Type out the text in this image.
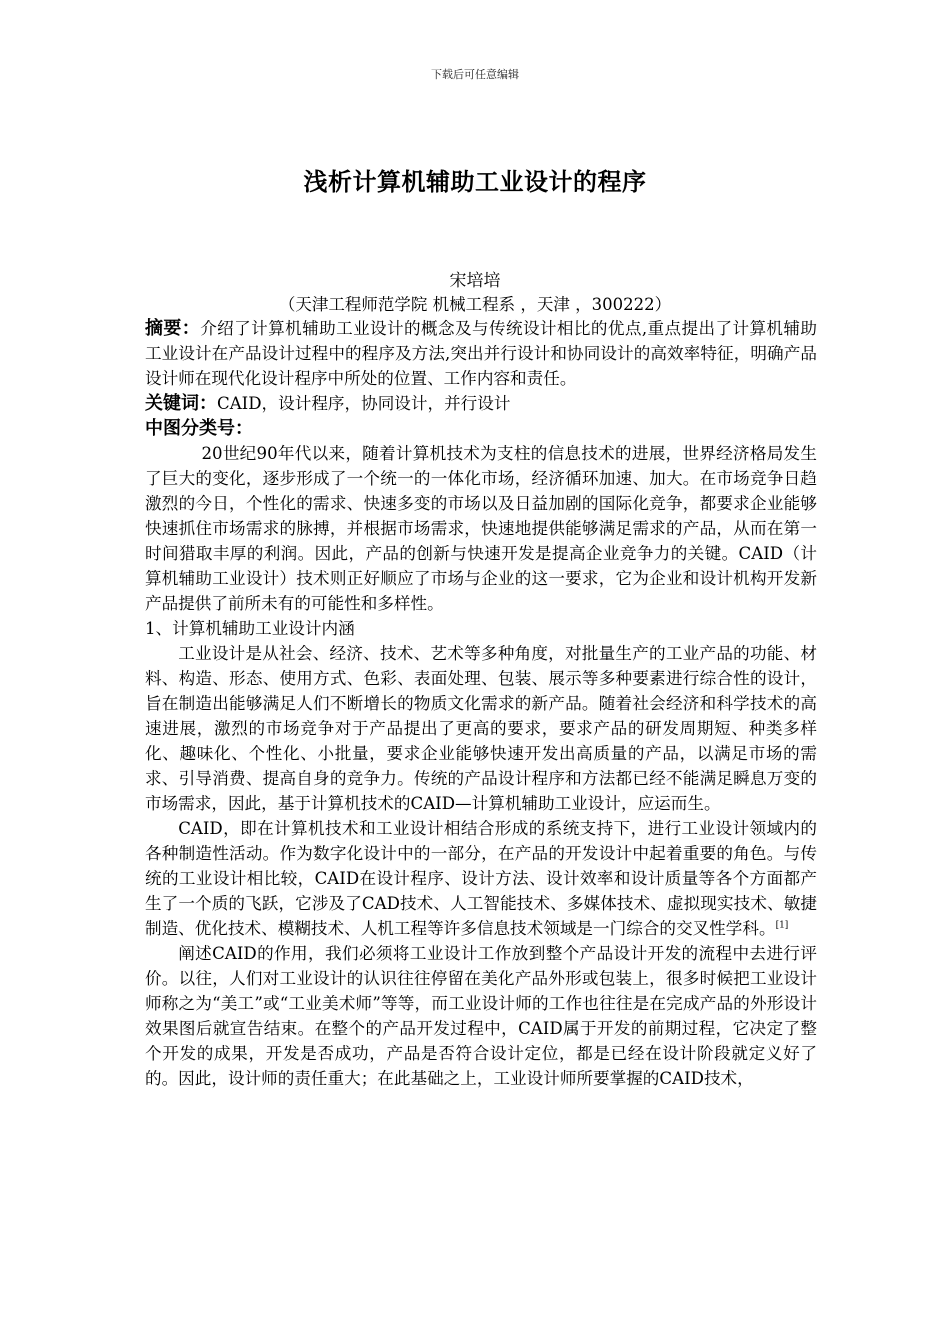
下载后可任意编辑
浅析计算机辅助工业设计的程序
宋培培
（天津工程师范学院 机械工程系 ，天津 ，300222）

摘要：介绍了计算机辅助工业设计的概念及与传统设计相比的优点,重点提出了计算机辅助工业设计在产品设计过程中的程序及方法,突出并行设计和协同设计的高效率特征，明确产品设计师在现代化设计程序中所处的位置、工作内容和责任。

关键词：CAID，设计程序，协同设计，并行设计

中图分类号：

20世纪90年代以来，随着计算机技术为支柱的信息技术的进展，世界经济格局发生了巨大的变化，逐步形成了一个统一的一体化市场，经济循环加速、加大。在市场竞争日趋激烈的今日，个性化的需求、快速多变的市场以及日益加剧的国际化竞争，都要求企业能够快速抓住市场需求的脉搏，并根据市场需求，快速地提供能够满足需求的产品，从而在第一时间猎取丰厚的利润。因此，产品的创新与快速开发是提高企业竞争力的关键。CAID（计算机辅助工业设计）技术则正好顺应了市场与企业的这一要求，它为企业和设计机构开发新产品提供了前所未有的可能性和多样性。

1、计算机辅助工业设计内涵

工业设计是从社会、经济、技术、艺术等多种角度，对批量生产的工业产品的功能、材料、构造、形态、使用方式、色彩、表面处理、包装、展示等多种要素进行综合性的设计，旨在制造出能够满足人们不断增长的物质文化需求的新产品。随着社会经济和科学技术的高速进展，激烈的市场竞争对于产品提出了更高的要求，要求产品的研发周期短、种类多样化、趣味化、个性化、小批量，要求企业能够快速开发出高质量的产品，以满足市场的需求、引导消费、提高自身的竞争力。传统的产品设计程序和方法都已经不能满足瞬息万变的市场需求，因此，基于计算机技术的CAID—计算机辅助工业设计，应运而生。

CAID，即在计算机技术和工业设计相结合形成的系统支持下，进行工业设计领域内的各种制造性活动。作为数字化设计中的一部分，在产品的开发设计中起着重要的角色。与传统的工业设计相比较，CAID在设计程序、设计方法、设计效率和设计质量等各个方面都产生了一个质的飞跃，它涉及了CAD技术、人工智能技术、多媒体技术、虚拟现实技术、敏捷制造、优化技术、模糊技术、人机工程等许多信息技术领域是一门综合的交叉性学科。[1]

阐述CAID的作用，我们必须将工业设计工作放到整个产品设计开发的流程中去进行评价。以往，人们对工业设计的认识往往停留在美化产品外形或包装上，很多时候把工业设计师称之为“美工”或“工业美术师”等等，而工业设计师的工作也往往是在完成产品的外形设计效果图后就宣告结束。在整个的产品开发过程中，CAID属于开发的前期过程，它决定了整个开发的成果，开发是否成功，产品是否符合设计定位，都是已经在设计阶段就定义好了的。因此，设计师的责任重大；在此基础之上，工业设计师所要掌握的CAID技术，
